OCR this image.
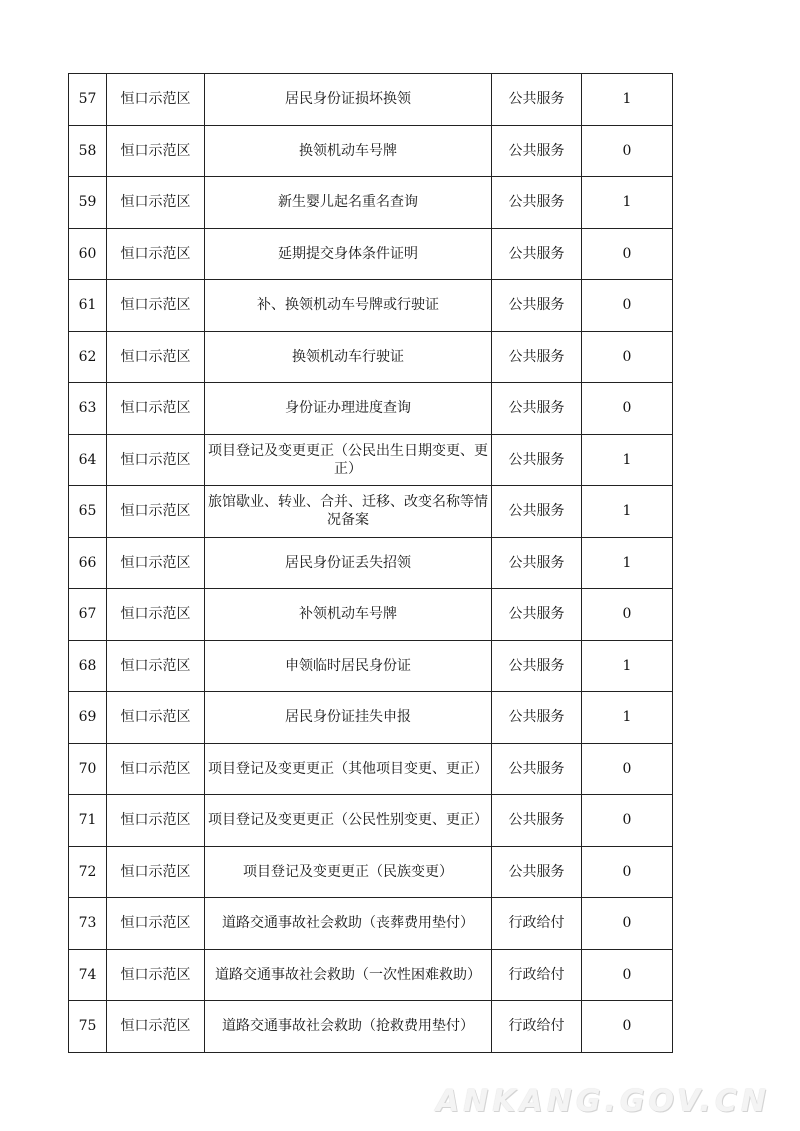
57	恒口示范区	居民身份证损坏换领	公共服务	1
58	恒口示范区	换领机动车号牌	公共服务	0
59	恒口示范区	新生婴儿起名重名查询	公共服务	1
60	恒口示范区	延期提交身体条件证明	公共服务	0
61	恒口示范区	补、换领机动车号牌或行驶证	公共服务	0
62	恒口示范区	换领机动车行驶证	公共服务	0
63	恒口示范区	身份证办理进度查询	公共服务	0
64	恒口示范区	项目登记及变更更正（公民出生日期变更、更正）	公共服务	1
65	恒口示范区	旅馆歇业、转业、合并、迁移、改变名称等情况备案	公共服务	1
66	恒口示范区	居民身份证丢失招领	公共服务	1
67	恒口示范区	补领机动车号牌	公共服务	0
68	恒口示范区	申领临时居民身份证	公共服务	1
69	恒口示范区	居民身份证挂失申报	公共服务	1
70	恒口示范区	项目登记及变更更正（其他项目变更、更正）	公共服务	0
71	恒口示范区	项目登记及变更更正（公民性别变更、更正）	公共服务	0
72	恒口示范区	项目登记及变更更正（民族变更）	公共服务	0
73	恒口示范区	道路交通事故社会救助（丧葬费用垫付）	行政给付	0
74	恒口示范区	道路交通事故社会救助（一次性困难救助）	行政给付	0
75	恒口示范区	道路交通事故社会救助（抢救费用垫付）	行政给付	0
ANKANG.GOV.CN
